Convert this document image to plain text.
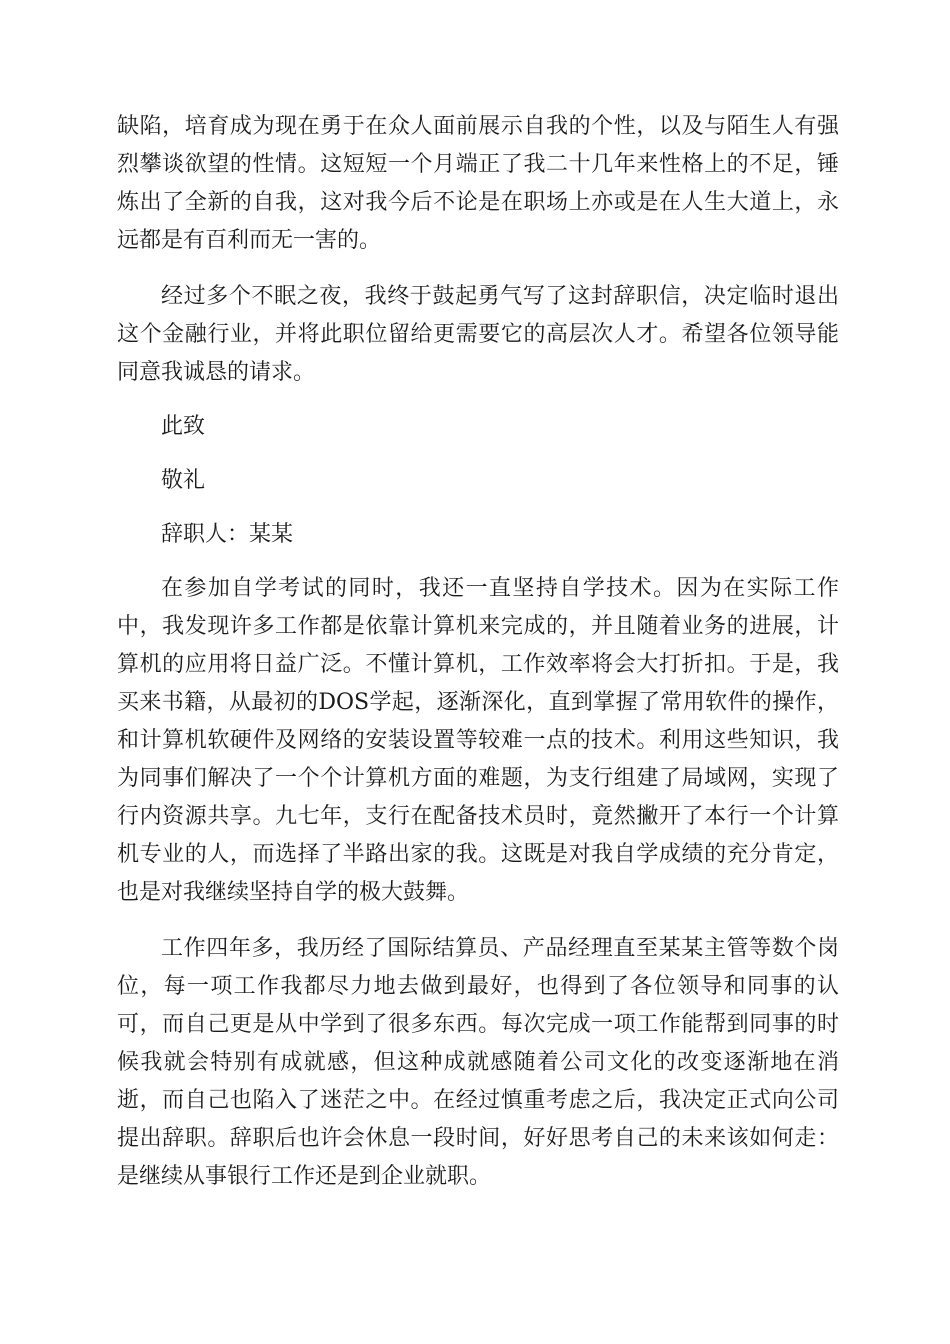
缺陷，培育成为现在勇于在众人面前展示自我的个性，以及与陌生人有强烈攀谈欲望的性情。这短短一个月端正了我二十几年来性格上的不足，锤炼出了全新的自我，这对我今后不论是在职场上亦或是在人生大道上，永远都是有百利而无一害的。

经过多个不眠之夜，我终于鼓起勇气写了这封辞职信，决定临时退出这个金融行业，并将此职位留给更需要它的高层次人才。希望各位领导能同意我诚恳的请求。

此致

敬礼

辞职人：某某

在参加自学考试的同时，我还一直坚持自学技术。因为在实际工作中，我发现许多工作都是依靠计算机来完成的，并且随着业务的进展，计算机的应用将日益广泛。不懂计算机，工作效率将会大打折扣。于是，我买来书籍，从最初的DOS学起，逐渐深化，直到掌握了常用软件的操作，和计算机软硬件及网络的安装设置等较难一点的技术。利用这些知识，我为同事们解决了一个个计算机方面的难题，为支行组建了局域网，实现了行内资源共享。九七年，支行在配备技术员时，竟然撇开了本行一个计算机专业的人，而选择了半路出家的我。这既是对我自学成绩的充分肯定，也是对我继续坚持自学的极大鼓舞。

工作四年多，我历经了国际结算员、产品经理直至某某主管等数个岗位，每一项工作我都尽力地去做到最好，也得到了各位领导和同事的认可，而自己更是从中学到了很多东西。每次完成一项工作能帮到同事的时候我就会特别有成就感，但这种成就感随着公司文化的改变逐渐地在消逝，而自己也陷入了迷茫之中。在经过慎重考虑之后，我决定正式向公司提出辞职。辞职后也许会休息一段时间，好好思考自己的未来该如何走：是继续从事银行工作还是到企业就职。
